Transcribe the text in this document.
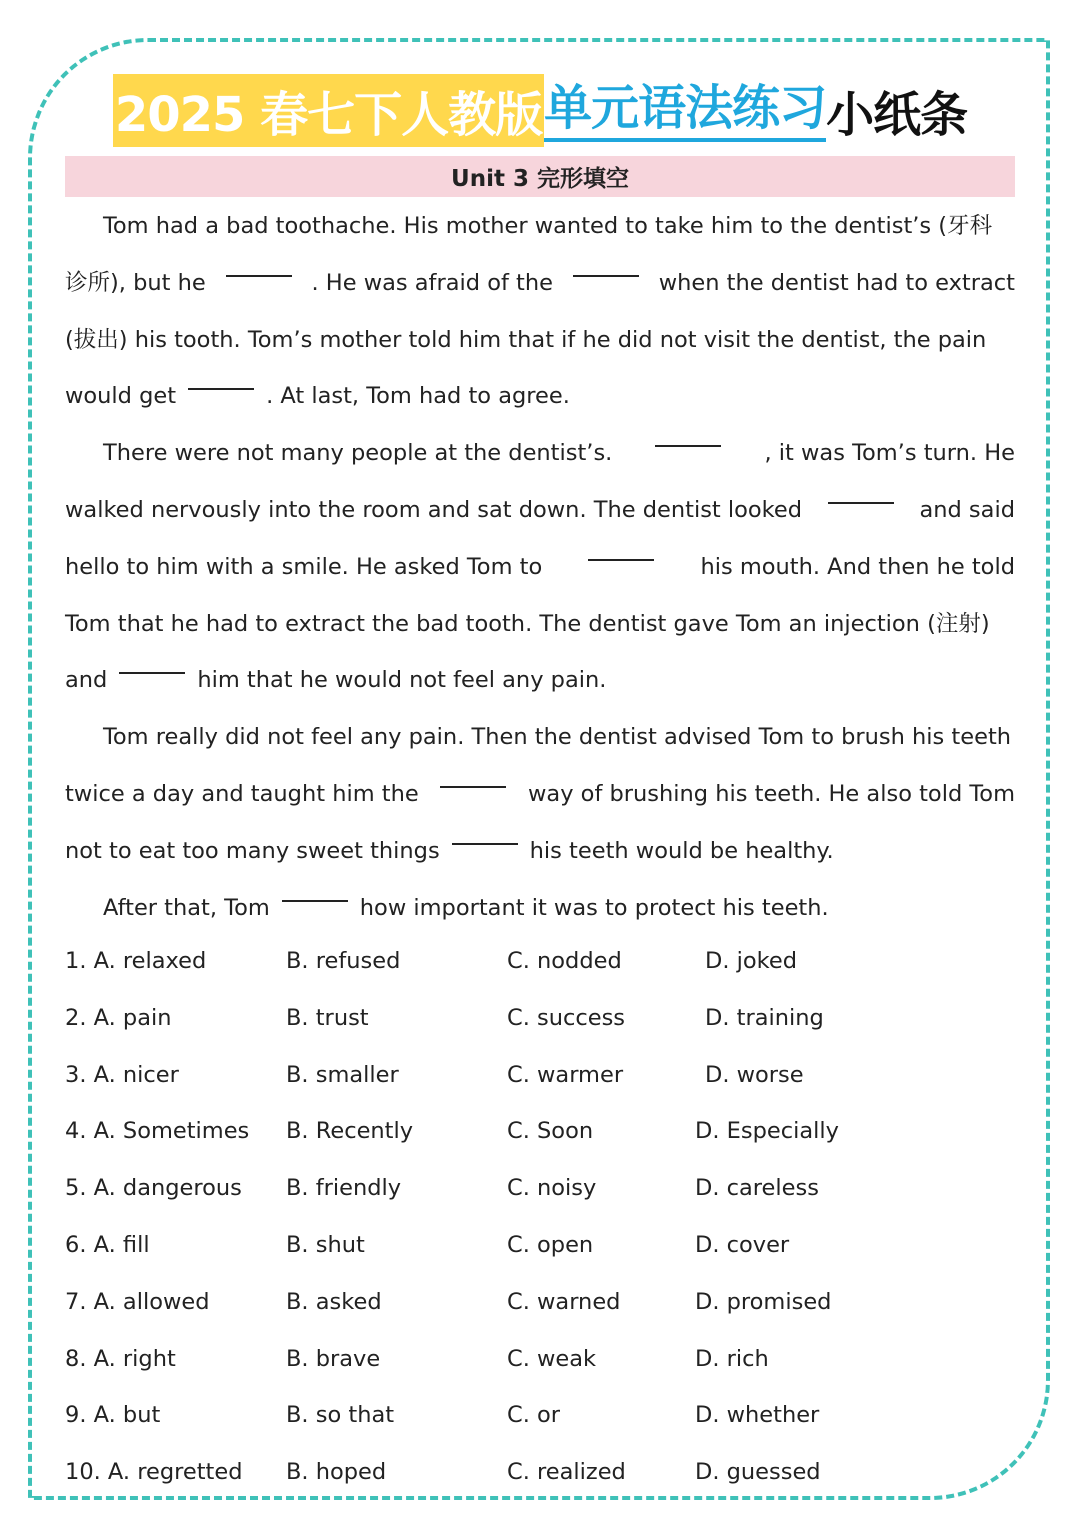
2025 春七下人教版 单元语法练习 小纸条
Unit 3 完形填空
Tom had a bad toothache. His mother wanted to take him to the dentist’s (牙科
诊所), but he	. He was afraid of the	when the dentist had to extract
(拔出) his tooth. Tom’s mother told him that if he did not visit the dentist, the pain
would get	. At last, Tom had to agree.
There were not many people at the dentist’s.	, it was Tom’s turn. He
walked nervously into the room and sat down. The dentist looked	and said
hello to him with a smile. He asked Tom to	his mouth. And then he told
Tom that he had to extract the bad tooth. The dentist gave Tom an injection (注射)
and	him that he would not feel any pain.
Tom really did not feel any pain. Then the dentist advised Tom to brush his teeth
twice a day and taught him the	way of brushing his teeth. He also told Tom
not to eat too many sweet things	his teeth would be healthy.
After that, Tom	how important it was to protect his teeth.
1. A. relaxed	B. refused	C. nodded	D. joked
2. A. pain	B. trust	C. success	D. training
3. A. nicer	B. smaller	C. warmer	D. worse
4. A. Sometimes B. Recently	C. Soon	D. Especially
5. A. dangerous B. friendly	C. noisy	D. careless
6. A. fill	B. shut	C. open	D. cover
7. A. allowed	B. asked	C. warned	D. promised
8. A. right	B. brave	C. weak	D. rich
9. A. but	B. so that	C. or	D. whether
10. A. regretted B. hoped	C. realized	D. guessed
